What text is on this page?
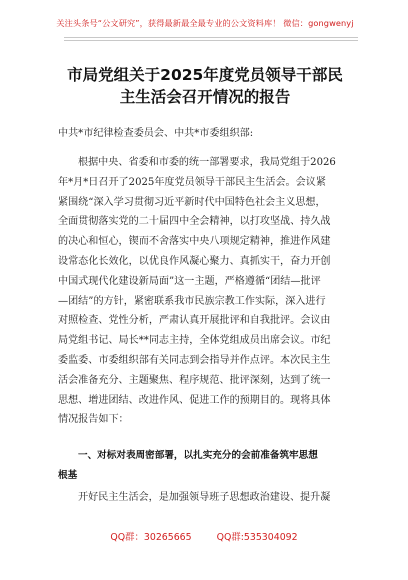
关注头条号“公文研究”，获得最新最全最专业的公文资料库！ 微信：gongwenyj
市局党组关于2025年度党员领导干部民
主生活会召开情况的报告
中共*市纪律检查委员会、中共*市委组织部:
根据中央、省委和市委的统一部署要求，我局党组于2026
年*月*日召开了2025年度党员领导干部民主生活会。会议紧
紧围绕“深入学习贯彻习近平新时代中国特色社会主义思想，
全面贯彻落实党的二十届四中全会精神，以打攻坚战、持久战
的决心和恒心，锲而不舍落实中央八项规定精神，推进作风建
设常态化长效化，以优良作风凝心聚力、真抓实干，奋力开创
中国式现代化建设新局面”这一主题，严格遵循“团结—批评
—团结”的方针，紧密联系我市民族宗教工作实际，深入进行
对照检查、党性分析，严肃认真开展批评和自我批评。会议由
局党组书记、局长**同志主持，全体党组成员出席会议。市纪
委监委、市委组织部有关同志到会指导并作点评。本次民主生
活会准备充分、主题聚焦、程序规范、批评深刻，达到了统一
思想、增进团结、改进作风、促进工作的预期目的。现将具体
情况报告如下：
一、对标对表周密部署，以扎实充分的会前准备筑牢思想
根基
开好民主生活会，是加强领导班子思想政治建设、提升凝
QQ群：30265665	QQ群:535304092
